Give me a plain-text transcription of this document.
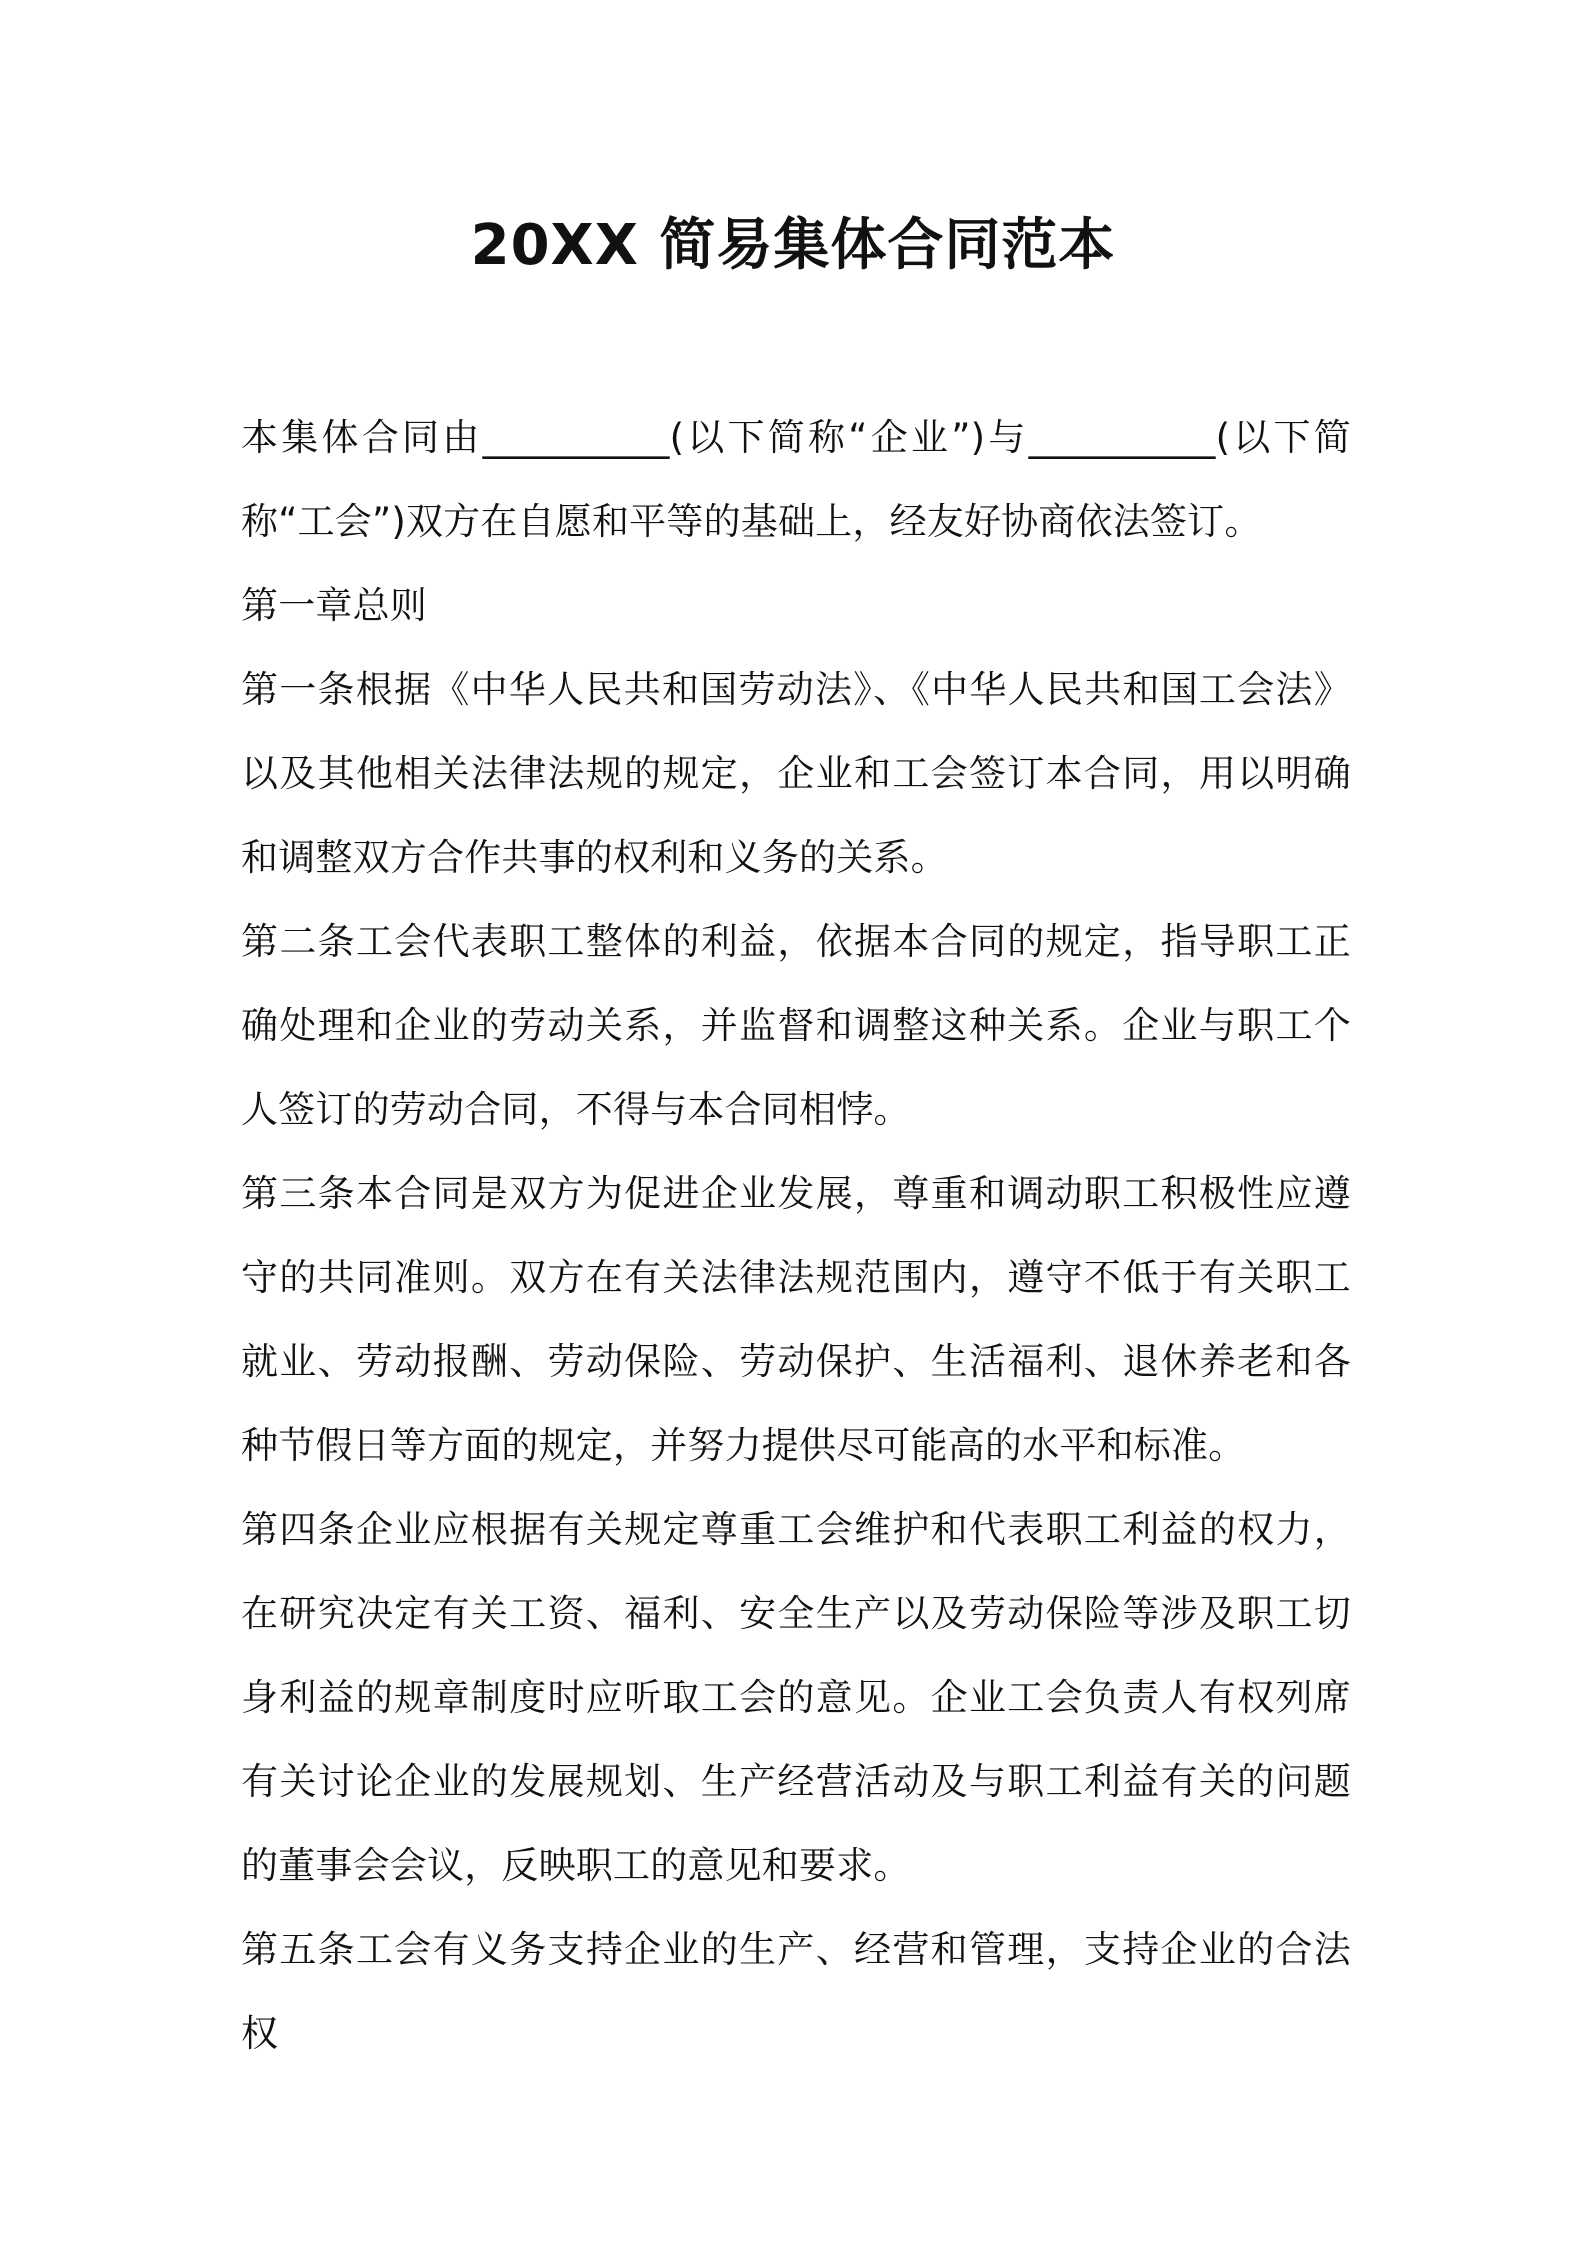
20XX 简易集体合同范本

本集体合同由__________(以下简称“企业”)与__________(以下简称“工会”)双方在自愿和平等的基础上，经友好协商依法签订。

第一章总则

第一条根据《中华人民共和国劳动法》、《中华人民共和国工会法》以及其他相关法律法规的规定，企业和工会签订本合同，用以明确和调整双方合作共事的权利和义务的关系。

第二条工会代表职工整体的利益，依据本合同的规定，指导职工正确处理和企业的劳动关系，并监督和调整这种关系。企业与职工个人签订的劳动合同，不得与本合同相悖。

第三条本合同是双方为促进企业发展，尊重和调动职工积极性应遵守的共同准则。双方在有关法律法规范围内，遵守不低于有关职工就业、劳动报酬、劳动保险、劳动保护、生活福利、退休养老和各种节假日等方面的规定，并努力提供尽可能高的水平和标准。

第四条企业应根据有关规定尊重工会维护和代表职工利益的权力，在研究决定有关工资、福利、安全生产以及劳动保险等涉及职工切身利益的规章制度时应听取工会的意见。企业工会负责人有权列席有关讨论企业的发展规划、生产经营活动及与职工利益有关的问题的董事会会议，反映职工的意见和要求。

第五条工会有义务支持企业的生产、经营和管理，支持企业的合法权
